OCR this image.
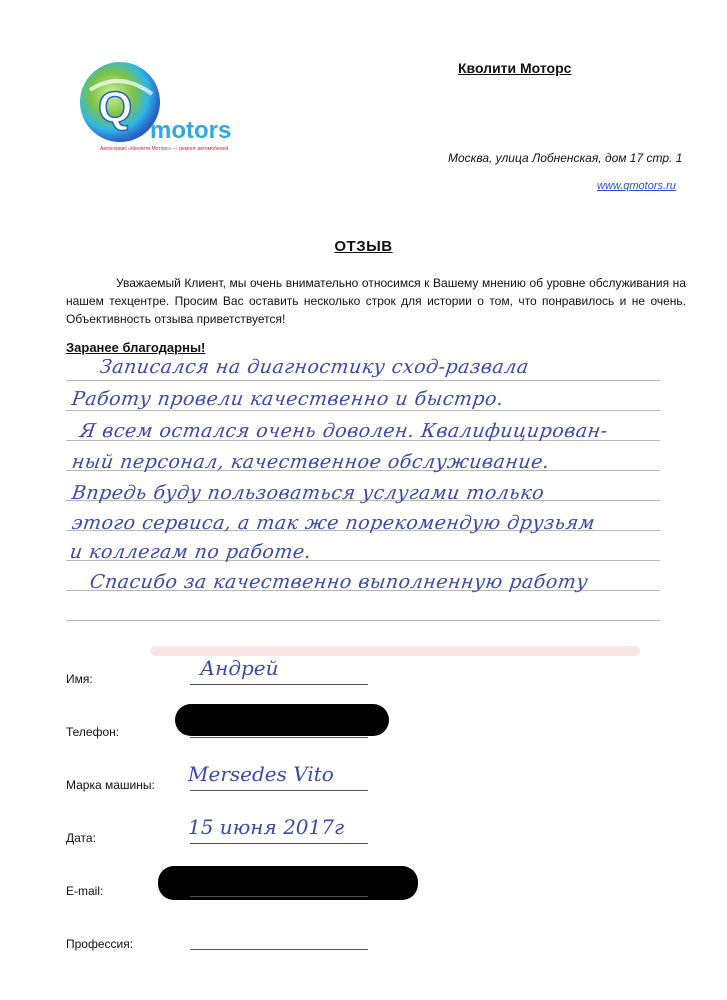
Q motors
Автосервис «Кволити Моторс» — ремонт автомобилей
Кволити Моторс
Москва, улица Лобненская, дом 17 стр. 1
www.qmotors.ru
ОТЗЫВ
Уважаемый Клиент, мы очень внимательно относимся к Вашему мнению об уровне обслуживания на нашем техцентре. Просим Вас оставить несколько строк для истории о том, что понравилось и не очень. Объективность отзыва приветствуется!
Заранее благодарны!
Записался на диагностику сход-развала
Работу провели качественно и быстро.
Я всем остался очень доволен. Квалифицирован-
ный персонал, качественное обслуживание.
Впредь буду пользоваться услугами только
этого сервиса, а так же порекомендую друзьям
и коллегам по работе.
Спасибо за качественно выполненную работу
Имя:	Андрей
Телефон:
Марка машины: Mersedes Vito
Дата:	15 июня 2017г
E-mail:
Профессия:
